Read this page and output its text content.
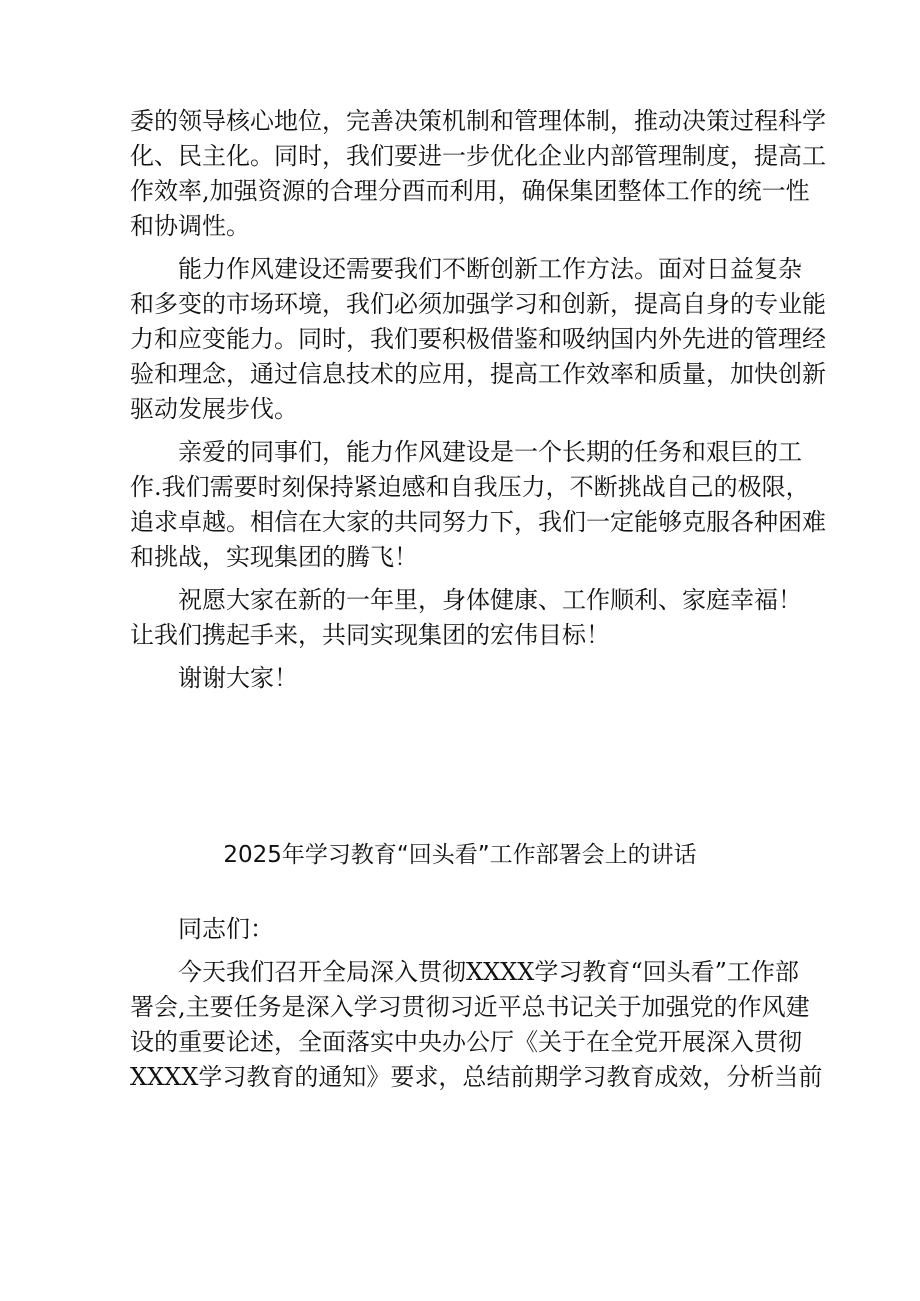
委的领导核心地位，完善决策机制和管理体制，推动决策过程科学
化、民主化。同时，我们要进一步优化企业内部管理制度，提高工
作效率,加强资源的合理分酉而利用，确保集团整体工作的统一性
和协调性。
能力作风建设还需要我们不断创新工作方法。面对日益复杂
和多变的市场环境，我们必须加强学习和创新，提高自身的专业能
力和应变能力。同时，我们要积极借鉴和吸纳国内外先进的管理经
验和理念，通过信息技术的应用，提高工作效率和质量，加快创新
驱动发展步伐。
亲爱的同事们，能力作风建设是一个长期的任务和艰巨的工
作.我们需要时刻保持紧迫感和自我压力，不断挑战自己的极限，
追求卓越。相信在大家的共同努力下，我们一定能够克服各种困难
和挑战，实现集团的腾飞！
祝愿大家在新的一年里，身体健康、工作顺利、家庭幸福！
让我们携起手来，共同实现集团的宏伟目标！
谢谢大家！
2025年学习教育“回头看”工作部署会上的讲话
同志们：
今天我们召开全局深入贯彻XXXX学习教育“回头看”工作部
署会,主要任务是深入学习贯彻习近平总书记关于加强党的作风建
设的重要论述，全面落实中央办公厅《关于在全党开展深入贯彻
XXXX学习教育的通知》要求，总结前期学习教育成效，分析当前
